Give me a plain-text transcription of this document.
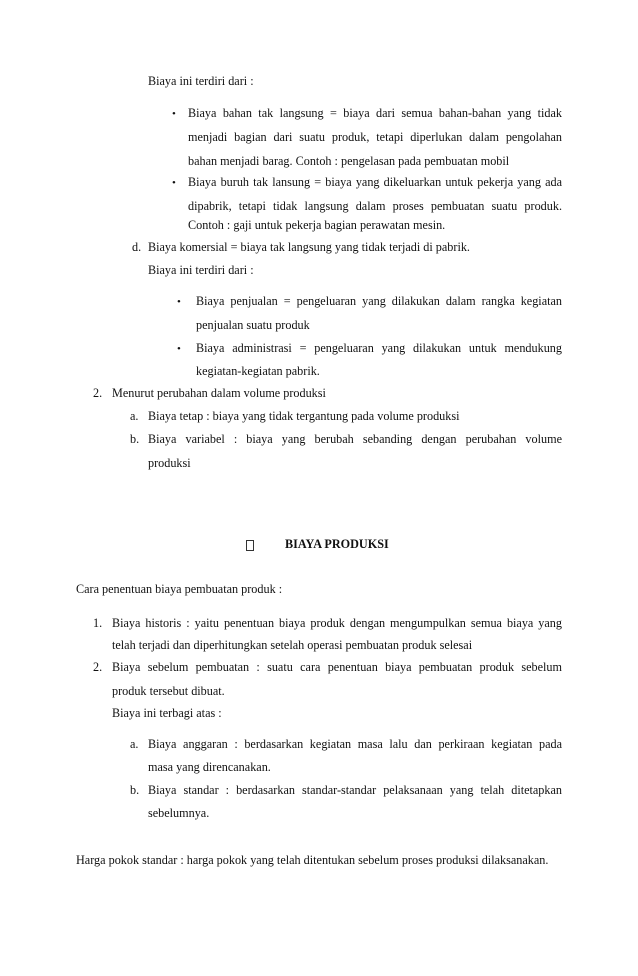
Biaya ini terdiri dari :
• Biaya bahan tak langsung = biaya dari semua bahan-bahan yang tidak
menjadi bagian dari suatu produk, tetapi diperlukan dalam pengolahan
bahan menjadi barag. Contoh : pengelasan pada pembuatan mobil
• Biaya buruh tak lansung = biaya yang dikeluarkan untuk pekerja yang ada
dipabrik, tetapi tidak langsung dalam proses pembuatan suatu produk.
Contoh : gaji untuk pekerja bagian perawatan mesin.
d. Biaya komersial = biaya tak langsung yang tidak terjadi di pabrik.
Biaya ini terdiri dari :
• Biaya penjualan = pengeluaran yang dilakukan dalam rangka kegiatan
penjualan suatu produk
• Biaya administrasi = pengeluaran yang dilakukan untuk mendukung
kegiatan-kegiatan pabrik.
2. Menurut perubahan dalam volume produksi
a. Biaya tetap : biaya yang tidak tergantung pada volume produksi
b. Biaya variabel : biaya yang berubah sebanding dengan perubahan volume
produksi
BIAYA PRODUKSI
Cara penentuan biaya pembuatan produk :
1. Biaya historis : yaitu penentuan biaya produk dengan mengumpulkan semua biaya yang
telah terjadi dan diperhitungkan setelah operasi pembuatan produk selesai
2. Biaya sebelum pembuatan : suatu cara penentuan biaya pembuatan produk sebelum
produk tersebut dibuat.
Biaya ini terbagi atas :
a. Biaya anggaran : berdasarkan kegiatan masa lalu dan perkiraan kegiatan pada
masa yang direncanakan.
b. Biaya standar : berdasarkan standar-standar pelaksanaan yang telah ditetapkan
sebelumnya.
Harga pokok standar : harga pokok yang telah ditentukan sebelum proses produksi dilaksanakan.
